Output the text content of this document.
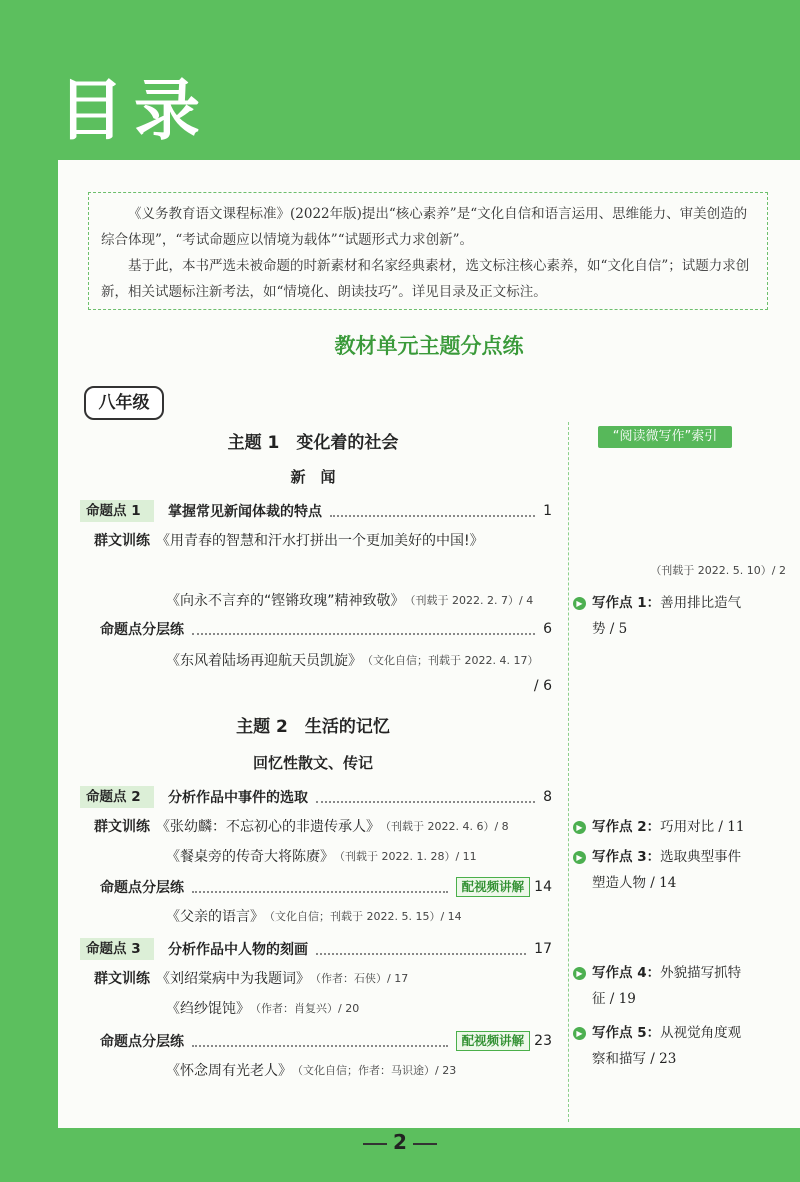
目录

《义务教育语文课程标准》(2022年版)提出“核心素养”是“文化自信和语言运用、思维能力、审美创造的综合体现”，“考试命题应以情境为载体”“试题形式力求创新”。

基于此，本书严选未被命题的时新素材和名家经典素材，选文标注核心素养，如“文化自信”；试题力求创新，相关试题标注新考法，如“情境化、朗读技巧”。详见目录及正文标注。

教材单元主题分点练
八年级
“阅读微写作”索引
主题 1　变化着的社会
新　闻
命题点 1	掌握常见新闻体裁的特点	1
群文训练 《用青春的智慧和汗水打拼出一个更加美好的中国!》
（刊载于 2022. 5. 10）/ 2
《向永不言弃的“铿锵玫瑰”精神致敬》 （刊载于 2022. 2. 7）/ 4
命题点分层练	6
《东风着陆场再迎航天员凯旋》 （文化自信；刊载于 2022. 4. 17）
/ 6
主题 2　生活的记忆
回忆性散文、传记
命题点 2	分析作品中事件的选取	8
群文训练 《张幼麟：不忘初心的非遗传承人》 （刊载于 2022. 4. 6）/ 8
《餐桌旁的传奇大将陈赓》 （刊载于 2022. 1. 28）/ 11
命题点分层练	配视频讲解 14
《父亲的语言》 （文化自信；刊载于 2022. 5. 15）/ 14
命题点 3	分析作品中人物的刻画	17
群文训练 《刘绍棠病中为我题词》 （作者：石侠）/ 17
《绉纱馄饨》 （作者：肖复兴）/ 20
命题点分层练	配视频讲解 23
《怀念周有光老人》 （文化自信；作者：马识途）/ 23
▶ 写作点 1：善用排比造气
势 / 5
▶ 写作点 2：巧用对比 / 11
▶ 写作点 3：选取典型事件
塑造人物 / 14
▶ 写作点 4：外貌描写抓特
征 / 19
▶ 写作点 5：从视觉角度观
察和描写 / 23
2
